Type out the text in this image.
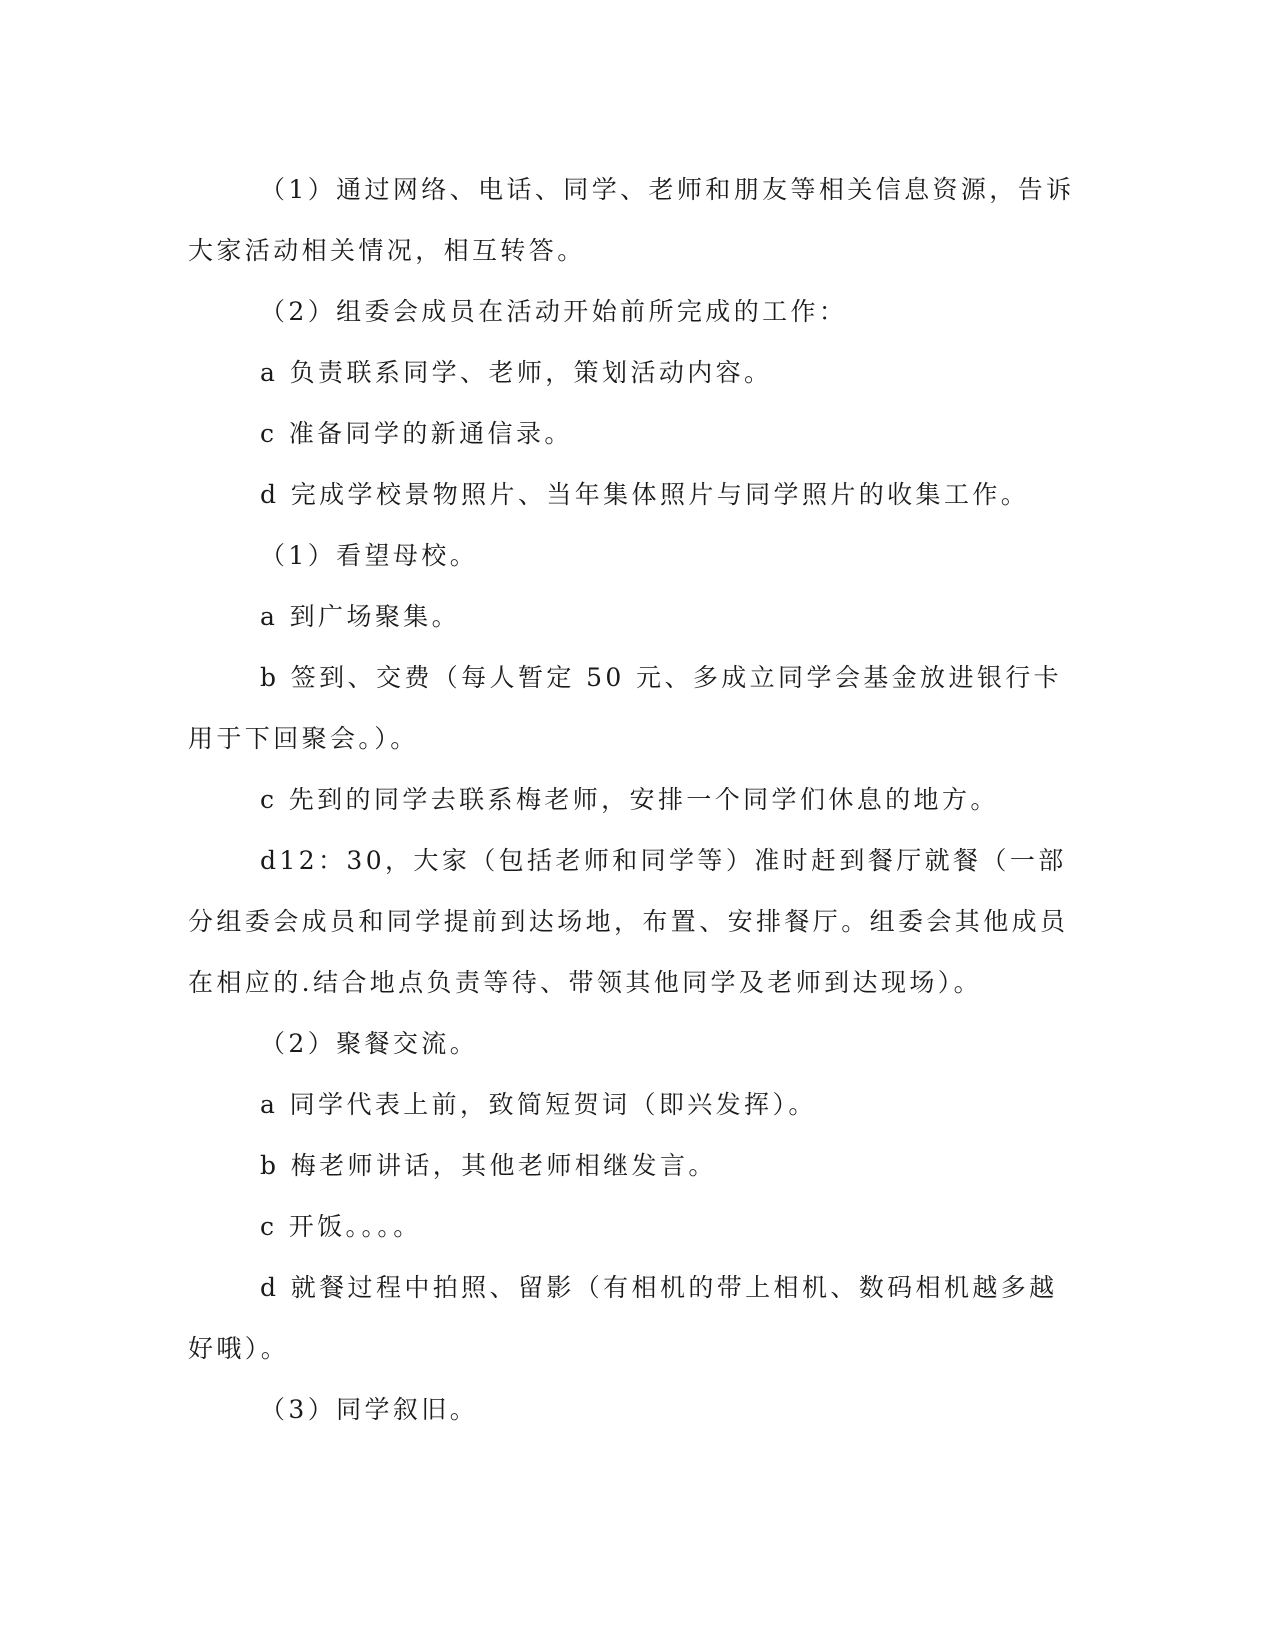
（1）通过网络、电话、同学、老师和朋友等相关信息资源，告诉大家活动相关情况，相互转答。

（2）组委会成员在活动开始前所完成的工作：

a 负责联系同学、老师，策划活动内容。

c 准备同学的新通信录。

d 完成学校景物照片、当年集体照片与同学照片的收集工作。

（1）看望母校。

a 到广场聚集。

b 签到、交费（每人暂定 50 元、多成立同学会基金放进银行卡用于下回聚会。）。

c 先到的同学去联系梅老师，安排一个同学们休息的地方。

d12：30，大家（包括老师和同学等）准时赶到餐厅就餐（一部分组委会成员和同学提前到达场地，布置、安排餐厅。组委会其他成员在相应的.结合地点负责等待、带领其他同学及老师到达现场）。

（2）聚餐交流。

a 同学代表上前，致简短贺词（即兴发挥）。

b 梅老师讲话，其他老师相继发言。

c 开饭。。。。

d 就餐过程中拍照、留影（有相机的带上相机、数码相机越多越好哦）。

（3）同学叙旧。
